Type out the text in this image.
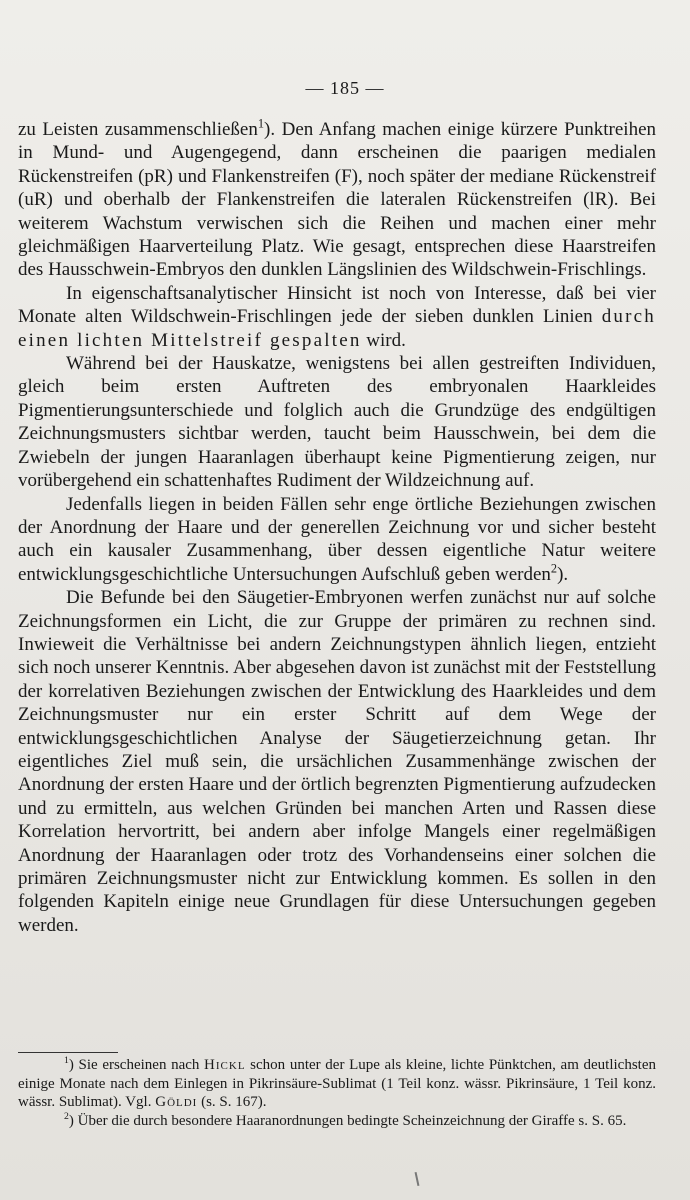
— 185 —

zu Leisten zusammenschließen$^1$). Den Anfang machen einige kürzere Punktreihen in Mund- und Augengegend, dann erscheinen die paarigen medialen Rückenstreifen (pR) und Flankenstreifen (F), noch später der mediane Rückenstreif (uR) und oberhalb der Flankenstreifen die lateralen Rückenstreifen (lR). Bei weiterem Wachstum verwischen sich die Reihen und machen einer mehr gleichmäßigen Haarverteilung Platz. Wie gesagt, entsprechen diese Haarstreifen des Hausschwein-Embryos den dunklen Längslinien des Wildschwein-Frischlings.

In eigenschaftsanalytischer Hinsicht ist noch von Interesse, daß bei vier Monate alten Wildschwein-Frischlingen jede der sieben dunklen Linien durch einen lichten Mittelstreif gespalten wird.

Während bei der Hauskatze, wenigstens bei allen gestreiften Individuen, gleich beim ersten Auftreten des embryonalen Haarkleides Pigmentierungsunterschiede und folglich auch die Grundzüge des endgültigen Zeichnungsmusters sichtbar werden, taucht beim Hausschwein, bei dem die Zwiebeln der jungen Haaranlagen überhaupt keine Pigmentierung zeigen, nur vorübergehend ein schattenhaftes Rudiment der Wildzeichnung auf.

Jedenfalls liegen in beiden Fällen sehr enge örtliche Beziehungen zwischen der Anordnung der Haare und der generellen Zeichnung vor und sicher besteht auch ein kausaler Zusammenhang, über dessen eigentliche Natur weitere entwicklungsgeschichtliche Untersuchungen Aufschluß geben werden$^2$).

Die Befunde bei den Säugetier-Embryonen werfen zunächst nur auf solche Zeichnungsformen ein Licht, die zur Gruppe der primären zu rechnen sind. Inwieweit die Verhältnisse bei andern Zeichnungstypen ähnlich liegen, entzieht sich noch unserer Kenntnis. Aber abgesehen davon ist zunächst mit der Feststellung der korrelativen Beziehungen zwischen der Entwicklung des Haarkleides und dem Zeichnungsmuster nur ein erster Schritt auf dem Wege der entwicklungsgeschichtlichen Analyse der Säugetierzeichnung getan. Ihr eigentliches Ziel muß sein, die ursächlichen Zusammenhänge zwischen der Anordnung der ersten Haare und der örtlich begrenzten Pigmentierung aufzudecken und zu ermitteln, aus welchen Gründen bei manchen Arten und Rassen diese Korrelation hervortritt, bei andern aber infolge Mangels einer regelmäßigen Anordnung der Haaranlagen oder trotz des Vorhandenseins einer solchen die primären Zeichnungsmuster nicht zur Entwicklung kommen. Es sollen in den folgenden Kapiteln einige neue Grundlagen für diese Untersuchungen gegeben werden.

$^1$) Sie erscheinen nach Hickl schon unter der Lupe als kleine, lichte Pünktchen, am deutlichsten einige Monate nach dem Einlegen in Pikrinsäure-Sublimat (1 Teil konz. wässr. Pikrinsäure, 1 Teil konz. wässr. Sublimat). Vgl. Göldi (s. S. 167).

$^2$) Über die durch besondere Haaranordnungen bedingte Scheinzeichnung der Giraffe s. S. 65.
